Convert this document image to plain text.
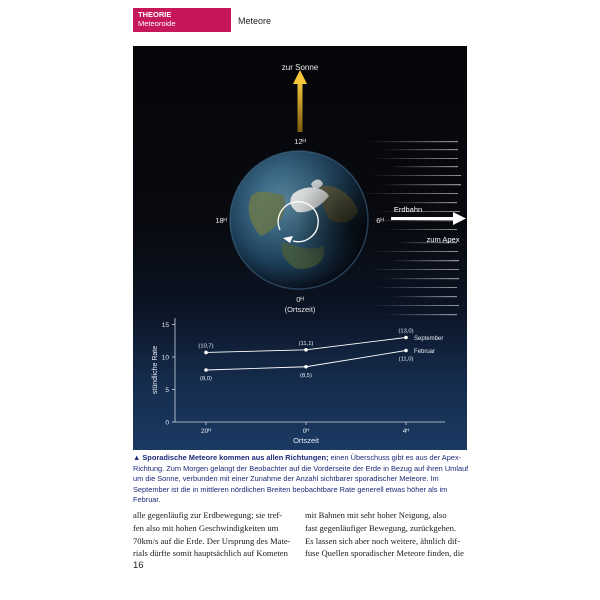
THEORIE
Meteoroide	Meteore
zur Sonne
12ᴴ
18ᴴ	6ᴴ
0ᴴ
(Ortszeit)
Erdbahn
zum Apex
stündliche Rate
Ortszeit
15
10
5
0
20ᴴ	0ᴴ	4ᴴ
(10,7)	(11,1)
(13,0)
September
(8,0)
(8,5)
(11,0)
Februar
▲ Sporadische Meteore kommen aus allen Richtungen; einen Überschuss gibt es aus der Apex-Richtung. Zum Morgen gelangt der Beobachter auf die Vorderseite der Erde in Bezug auf ihren Umlauf um die Sonne, verbunden mit einer Zunahme der Anzahl sichtbarer sporadischer Meteore. Im September ist die in mittleren nördlichen Breiten beobachtbare Rate generell etwas höher als im Februar.
alle gegenläufig zur Erdbewegung; sie tref-
fen also mit hohen Geschwindigkeiten um
70km/s auf die Erde. Der Ursprung des Mate-
rials dürfte somit hauptsächlich auf Kometen
mit Bahnen mit sehr hoher Neigung, also
fast gegenläufiger Bewegung, zurückgehen.
Es lassen sich aber noch weitere, ähnlich dif-
fuse Quellen sporadischer Meteore finden, die
16
